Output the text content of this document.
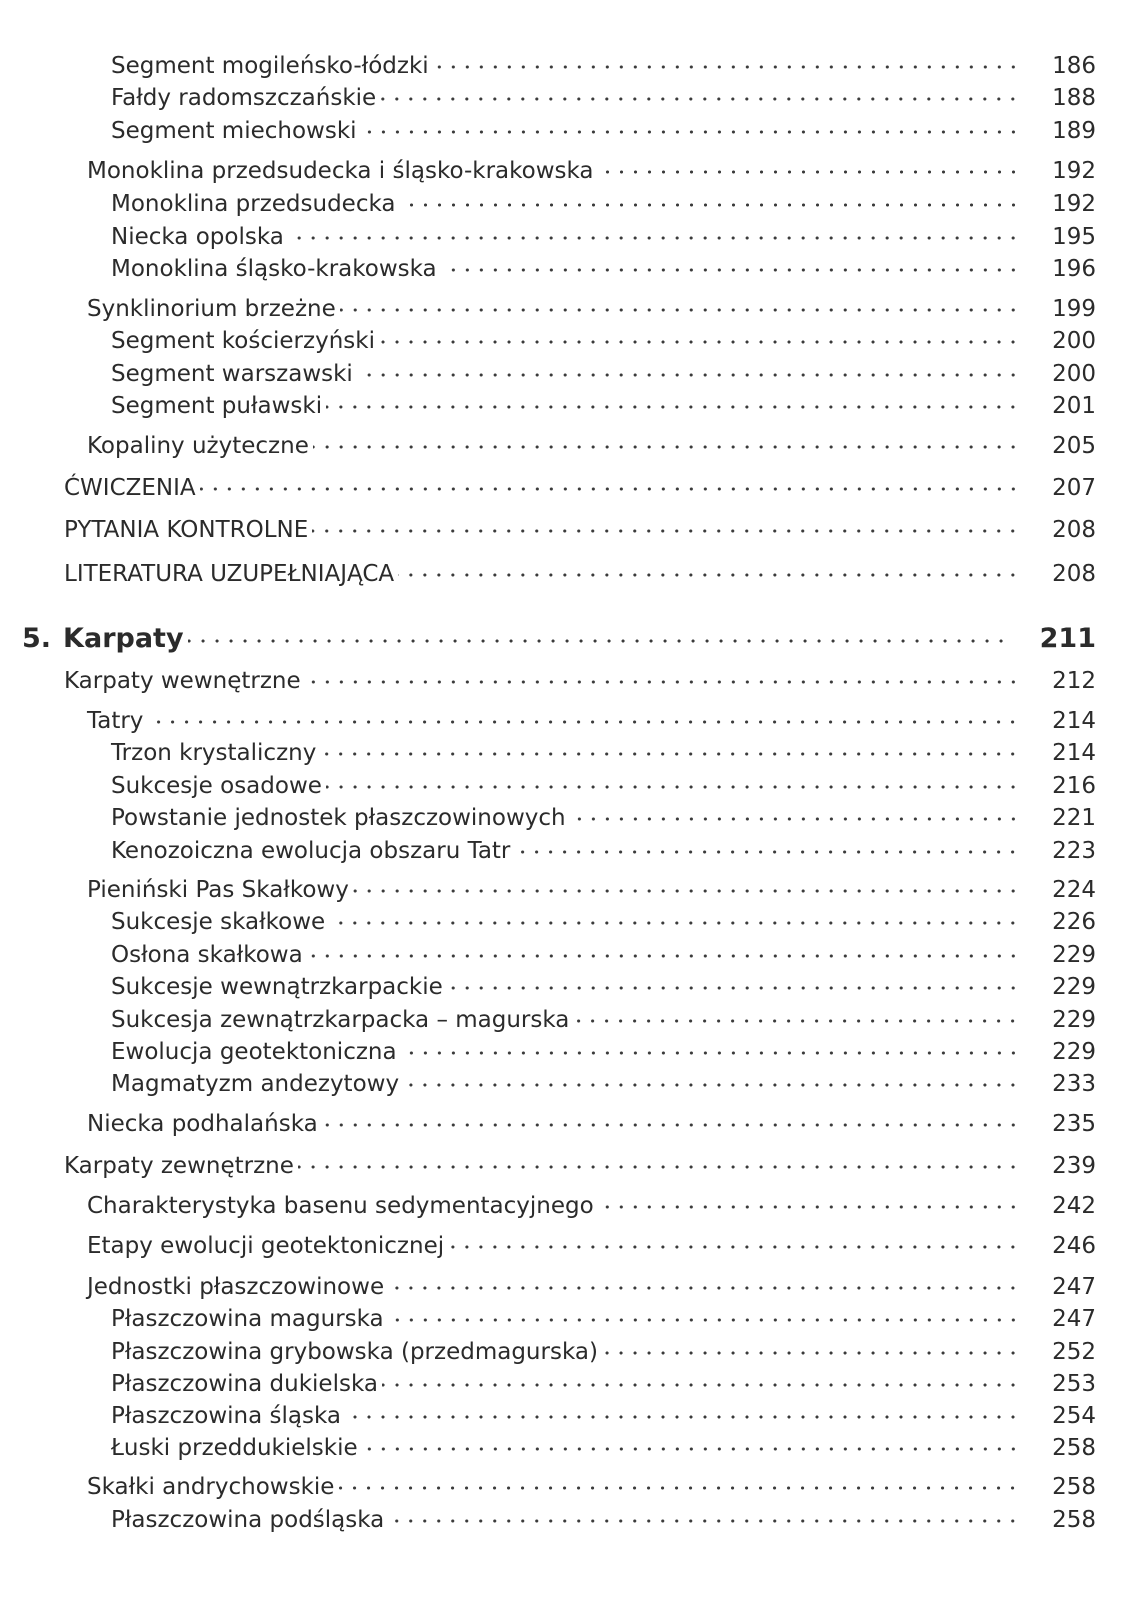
Segment mogileńsko-łódzki	186
Fałdy radomszczańskie	188
Segment miechowski	189
Monoklina przedsudecka i śląsko-krakowska	192
Monoklina przedsudecka	192
Niecka opolska	195
Monoklina śląsko-krakowska	196
Synklinorium brzeżne	199
Segment kościerzyński	200
Segment warszawski	200
Segment puławski	201
Kopaliny użyteczne	205
ĆWICZENIA	207
PYTANIA KONTROLNE	208
LITERATURA UZUPEŁNIAJĄCA	208
5. Karpaty	211
Karpaty wewnętrzne	212
Tatry	214
Trzon krystaliczny	214
Sukcesje osadowe	216
Powstanie jednostek płaszczowinowych	221
Kenozoiczna ewolucja obszaru Tatr	223
Pieniński Pas Skałkowy	224
Sukcesje skałkowe	226
Osłona skałkowa	229
Sukcesje wewnątrzkarpackie	229
Sukcesja zewnątrzkarpacka – magurska	229
Ewolucja geotektoniczna	229
Magmatyzm andezytowy	233
Niecka podhalańska	235
Karpaty zewnętrzne	239
Charakterystyka basenu sedymentacyjnego	242
Etapy ewolucji geotektonicznej	246
Jednostki płaszczowinowe	247
Płaszczowina magurska	247
Płaszczowina grybowska (przedmagurska)	252
Płaszczowina dukielska	253
Płaszczowina śląska	254
Łuski przeddukielskie	258
Skałki andrychowskie	258
Płaszczowina podśląska	258
